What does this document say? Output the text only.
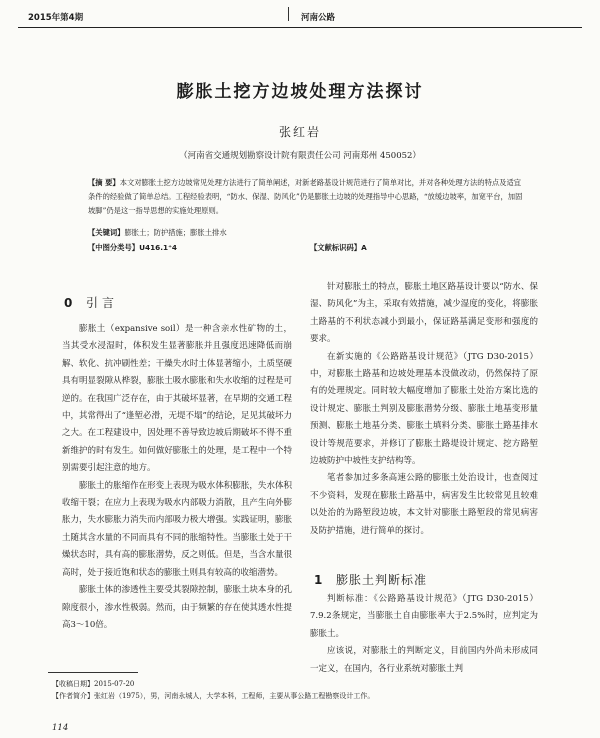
2015年第4期	河南公路
膨胀土挖方边坡处理方法探讨
张红岩
（河南省交通规划勘察设计院有限责任公司 河南郑州 450052）

【摘 要】本文对膨胀土挖方边坡常见处理方法进行了简单阐述，对新老路基设计规范进行了简单对比，并对各种处理方法的特点及适宜条件的经验做了简单总结。工程经验表明，“防水、保湿、防风化”仍是膨胀土边坡的处理指导中心思路，“放缓边坡率，加宽平台，加固坡脚”仍是这一指导思想的实施处理原则。

【关键词】膨胀土；防护措施；膨胀土排水

【中图分类号】U416.1⁺4	【文献标识码】A
0 引言

膨胀土（expansive soil）是一种含亲水性矿物的土，当其受水浸湿时，体积发生显著膨胀并且强度迅速降低而崩解、软化、抗冲刷性差；干燥失水时土体显著缩小，土质坚硬具有明显裂隙从桦裂，膨胀土吸水膨胀和失水收缩的过程是可逆的。在我国广泛存在，由于其破坏显著，在早期的交通工程中，其常得出了“逢堑必滑，无堤不塌”的结论，足见其破坏力之大。在工程建设中，因处理不善导致边坡后期破坏不得不重新维护的时有发生。如何做好膨胀土的处理，是工程中一个特别需要引起注意的地方。

膨胀土的胀缩作在形变上表现为吸水体积膨胀，失水体积收缩干裂；在应力上表现为吸水内部吸力消散，且产生向外膨胀力，失水膨胀力消失而内部吸力极大增强。实践证明，膨胀土随其含水量的不同而具有不同的胀缩特性。当膨胀土处于干燥状态时，具有高的膨胀潜势，反之则低。但是，当含水量很高时，处于接近饱和状态的膨胀土则具有较高的收缩潜势。

膨胀土体的渗透性主要受其裂隙控制，膨胀土块本身的孔隙度很小，渗水性极弱。然而，由于频繁的存在使其透水性提高3～10倍。

针对膨胀土的特点，膨胀土地区路基设计要以“防水、保湿、防风化”为主，采取有效措施，减少湿度的变化，将膨胀土路基的不利状态减小到最小，保证路基满足变形和强度的要求。

在新实施的《公路路基设计规范》（JTG D30-2015）中，对膨胀土路基和边坡处理基本没做改动，仍然保持了原有的处理规定。同时较大幅度增加了膨胀土处治方案比选的设计规定、膨胀土判别及膨胀潜势分级、膨胀土地基变形量预测、膨胀土地基分类、膨胀土填料分类、膨胀土路基排水设计等规范要求，并修订了膨胀土路堤设计规定、挖方路堑边坡防护中坡性支护结构等。

笔者参加过多条高速公路的膨胀土处治设计，也查阅过不少资料，发现在膨胀土路基中，病害发生比较常见且较难以处治的为路堑段边坡，本文针对膨胀土路堑段的常见病害及防护措施，进行简单的探讨。

1 膨胀土判断标准

判断标准：《公路路基设计规范》（JTG D30-2015）7.9.2条规定，当膨胀土自由膨胀率大于2.5%时，应判定为膨胀土。

应该说，对膨胀土的判断定义，目前国内外尚未形成同一定义，在国内，各行业系统对膨胀土判

【收稿日期】2015-07-20
【作者简介】张红岩（1975），男，河南永城人，大学本科，工程师，主要从事公路工程勘察设计工作。
114
